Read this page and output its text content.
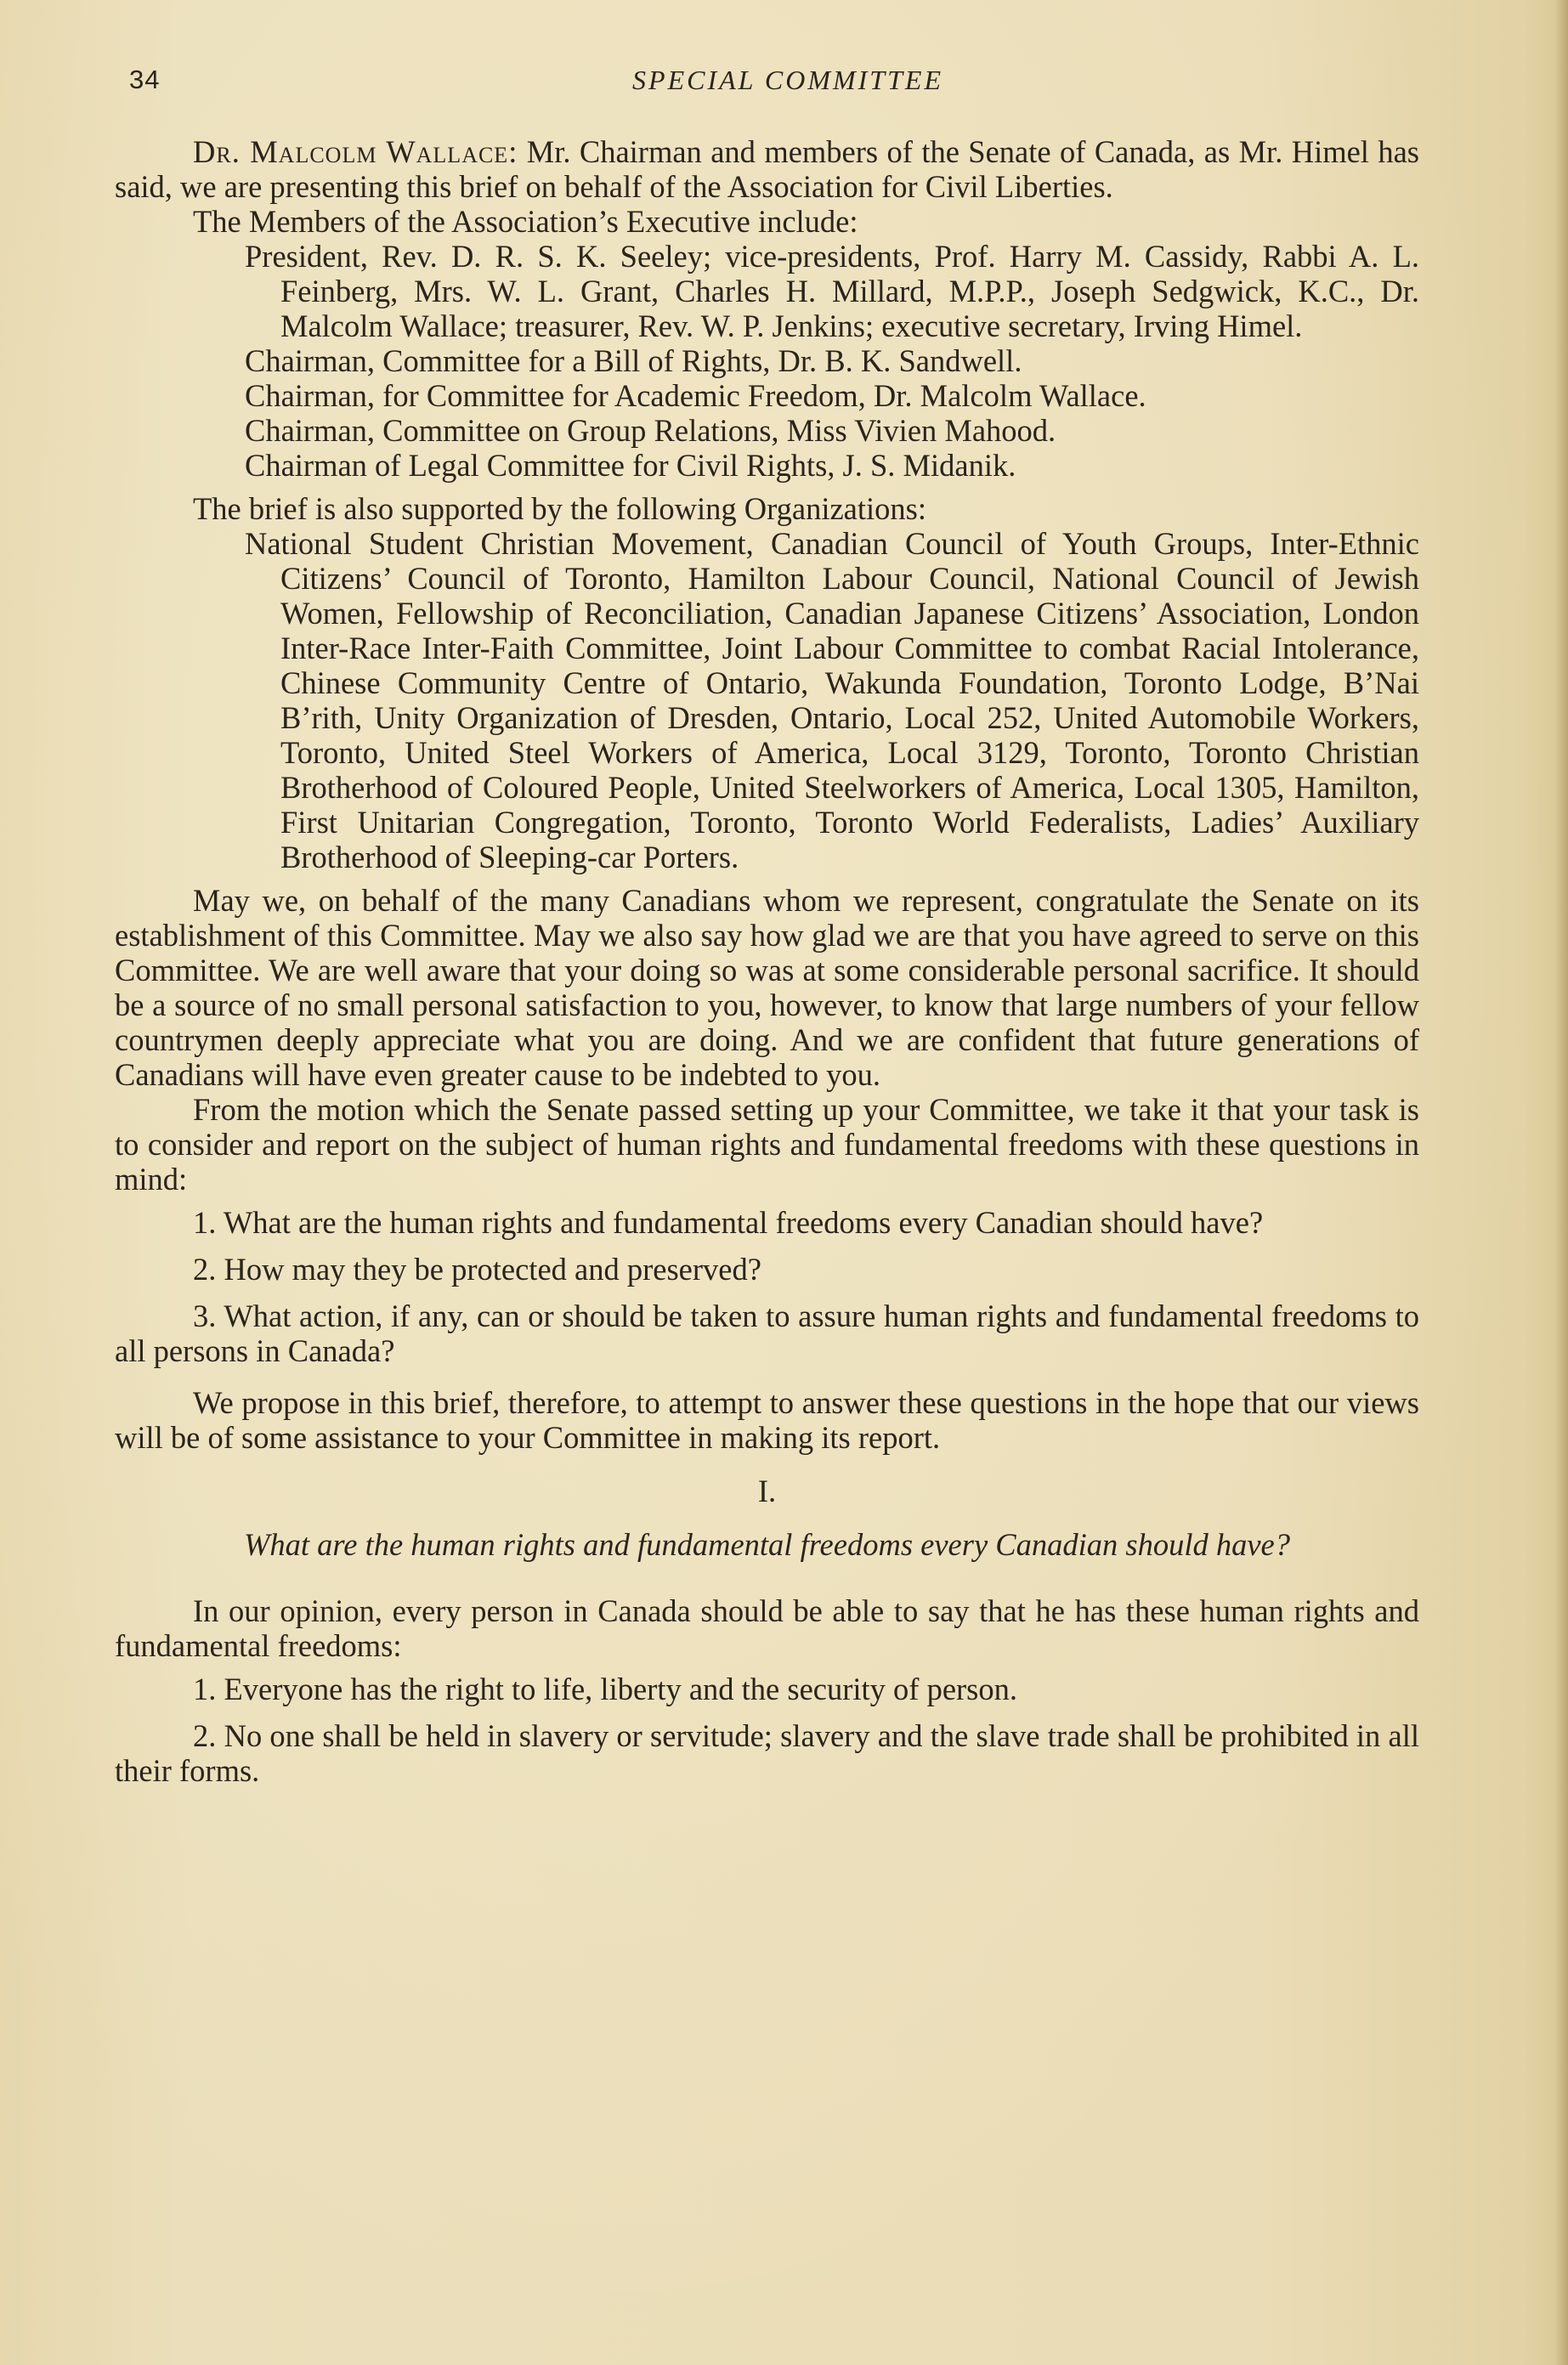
34	SPECIAL COMMITTEE

Dr. Malcolm Wallace: Mr. Chairman and members of the Senate of Canada, as Mr. Himel has said, we are presenting this brief on behalf of the Association for Civil Liberties.

The Members of the Association’s Executive include:

President, Rev. D. R. S. K. Seeley; vice-presidents, Prof. Harry M. Cassidy, Rabbi A. L. Feinberg, Mrs. W. L. Grant, Charles H. Millard, M.P.P., Joseph Sedgwick, K.C., Dr. Malcolm Wallace; treasurer, Rev. W. P. Jenkins; executive secretary, Irving Himel.

Chairman, Committee for a Bill of Rights, Dr. B. K. Sandwell.

Chairman, for Committee for Academic Freedom, Dr. Malcolm Wallace.

Chairman, Committee on Group Relations, Miss Vivien Mahood.

Chairman of Legal Committee for Civil Rights, J. S. Midanik.

The brief is also supported by the following Organizations:

National Student Christian Movement, Canadian Council of Youth Groups, Inter-Ethnic Citizens’ Council of Toronto, Hamilton Labour Council, National Council of Jewish Women, Fellowship of Reconciliation, Canadian Japanese Citizens’ Association, London Inter-Race Inter-Faith Committee, Joint Labour Committee to combat Racial Intolerance, Chinese Community Centre of Ontario, Wakunda Foundation, Toronto Lodge, B’Nai B’rith, Unity Organization of Dresden, Ontario, Local 252, United Automobile Workers, Toronto, United Steel Workers of America, Local 3129, Toronto, Toronto Christian Brotherhood of Coloured People, United Steelworkers of America, Local 1305, Hamilton, First Unitarian Congregation, Toronto, Toronto World Federalists, Ladies’ Auxiliary Brotherhood of Sleeping-car Porters.

May we, on behalf of the many Canadians whom we represent, congratulate the Senate on its establishment of this Committee. May we also say how glad we are that you have agreed to serve on this Committee. We are well aware that your doing so was at some considerable personal sacrifice. It should be a source of no small personal satisfaction to you, however, to know that large numbers of your fellow countrymen deeply appreciate what you are doing. And we are confident that future generations of Canadians will have even greater cause to be indebted to you.

From the motion which the Senate passed setting up your Committee, we take it that your task is to consider and report on the subject of human rights and fundamental freedoms with these questions in mind:

1. What are the human rights and fundamental freedoms every Canadian should have?

2. How may they be protected and preserved?

3. What action, if any, can or should be taken to assure human rights and fundamental freedoms to all persons in Canada?

We propose in this brief, therefore, to attempt to answer these questions in the hope that our views will be of some assistance to your Committee in making its report.

I.

What are the human rights and fundamental freedoms every Canadian should have?

In our opinion, every person in Canada should be able to say that he has these human rights and fundamental freedoms:

1. Everyone has the right to life, liberty and the security of person.

2. No one shall be held in slavery or servitude; slavery and the slave trade shall be prohibited in all their forms.
